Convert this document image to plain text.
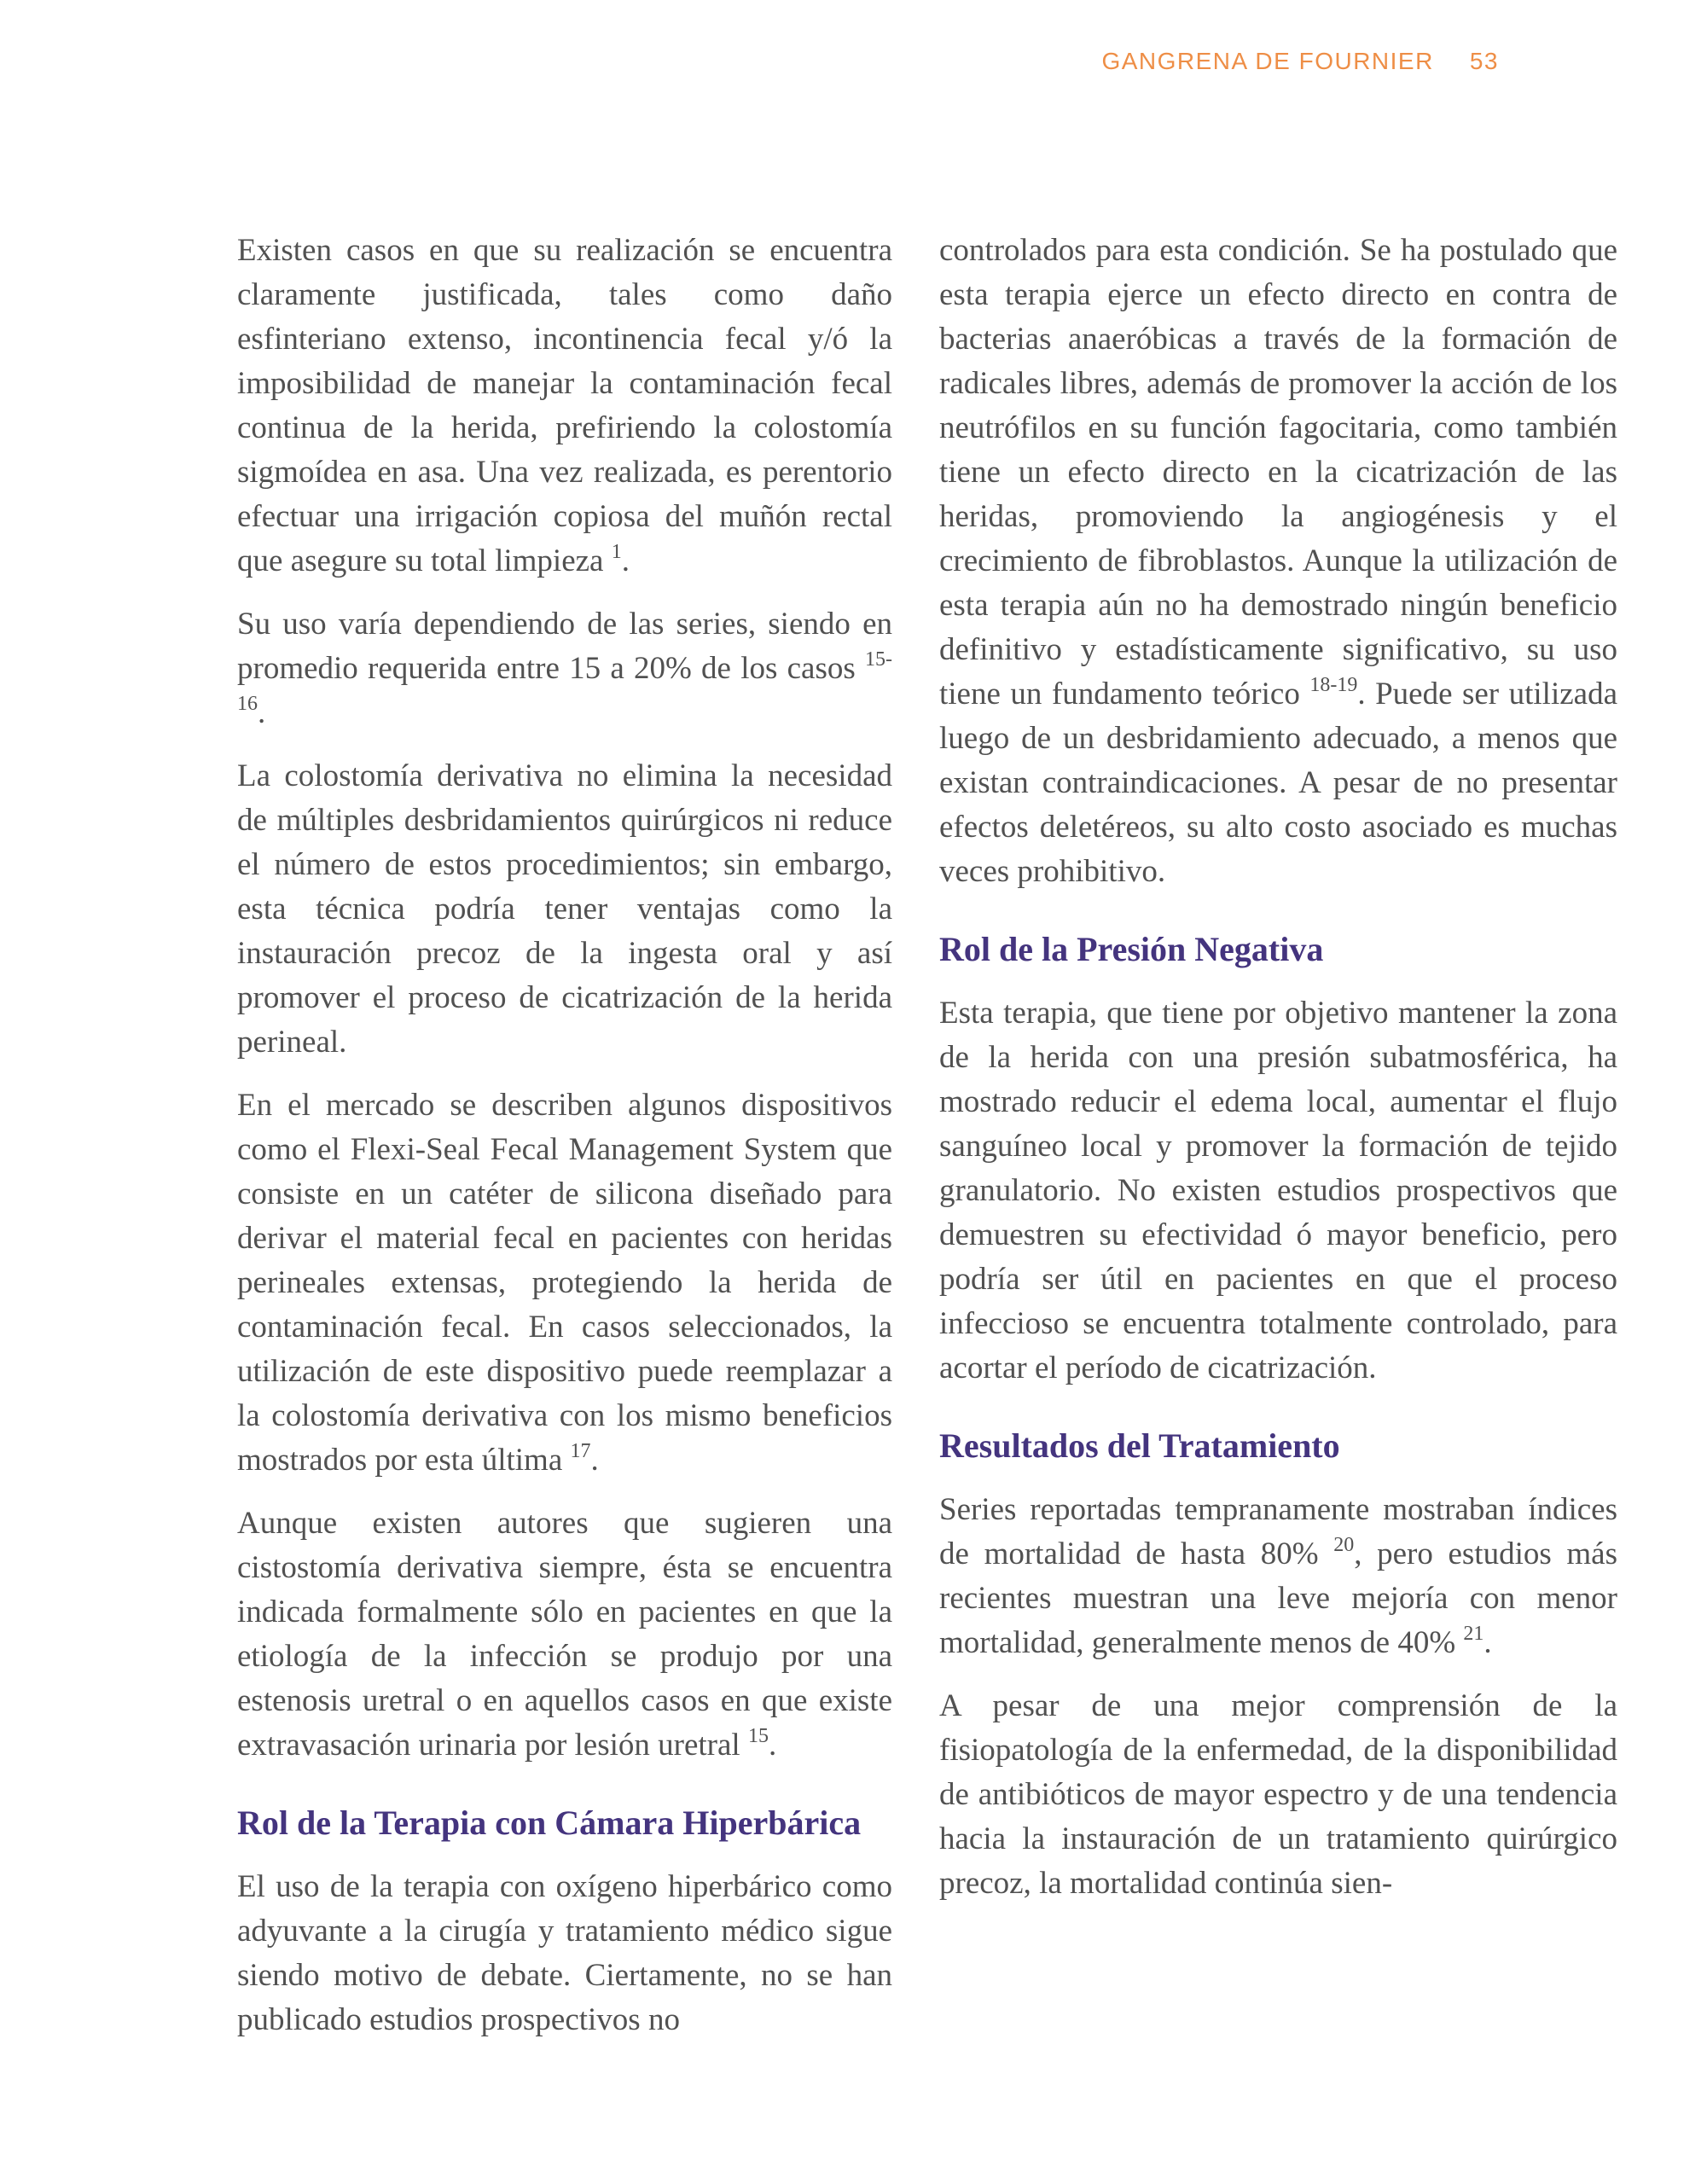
GANGRENA DE FOURNIER 53

Existen casos en que su realización se encuentra claramente justificada, tales como daño esfinteriano extenso, incontinencia fecal y/ó la imposibilidad de manejar la contaminación fecal continua de la herida, prefiriendo la colostomía sigmoídea en asa. Una vez realizada, es perentorio efectuar una irrigación copiosa del muñón rectal que asegure su total limpieza $^1$.

Su uso varía dependiendo de las series, siendo en promedio requerida entre 15 a 20% de los casos $^{15-16}$.

La colostomía derivativa no elimina la necesidad de múltiples desbridamientos quirúrgicos ni reduce el número de estos procedimientos; sin embargo, esta técnica podría tener ventajas como la instauración precoz de la ingesta oral y así promover el proceso de cicatrización de la herida perineal.

En el mercado se describen algunos dispositivos como el Flexi-Seal Fecal Management System que consiste en un catéter de silicona diseñado para derivar el material fecal en pacientes con heridas perineales extensas, protegiendo la herida de contaminación fecal. En casos seleccionados, la utilización de este dispositivo puede reemplazar a la colostomía derivativa con los mismo beneficios mostrados por esta última $^{17}$.

Aunque existen autores que sugieren una cistostomía derivativa siempre, ésta se encuentra indicada formalmente sólo en pacientes en que la etiología de la infección se produjo por una estenosis uretral o en aquellos casos en que existe extravasación urinaria por lesión uretral $^{15}$.

Rol de la Terapia con Cámara Hiperbárica

El uso de la terapia con oxígeno hiperbárico como adyuvante a la cirugía y tratamiento médico sigue siendo motivo de debate. Ciertamente, no se han publicado estudios prospectivos no

controlados para esta condición. Se ha postulado que esta terapia ejerce un efecto directo en contra de bacterias anaeróbicas a través de la formación de radicales libres, además de promover la acción de los neutrófilos en su función fagocitaria, como también tiene un efecto directo en la cicatrización de las heridas, promoviendo la angiogénesis y el crecimiento de fibroblastos. Aunque la utilización de esta terapia aún no ha demostrado ningún beneficio definitivo y estadísticamente significativo, su uso tiene un fundamento teórico $^{18-19}$. Puede ser utilizada luego de un desbridamiento adecuado, a menos que existan contraindicaciones. A pesar de no presentar efectos deletéreos, su alto costo asociado es muchas veces prohibitivo.

Rol de la Presión Negativa

Esta terapia, que tiene por objetivo mantener la zona de la herida con una presión subatmosférica, ha mostrado reducir el edema local, aumentar el flujo sanguíneo local y promover la formación de tejido granulatorio. No existen estudios prospectivos que demuestren su efectividad ó mayor beneficio, pero podría ser útil en pacientes en que el proceso infeccioso se encuentra totalmente controlado, para acortar el período de cicatrización.

Resultados del Tratamiento

Series reportadas tempranamente mostraban índices de mortalidad de hasta 80% $^{20}$, pero estudios más recientes muestran una leve mejoría con menor mortalidad, generalmente menos de 40% $^{21}$.

A pesar de una mejor comprensión de la fisiopatología de la enfermedad, de la disponibilidad de antibióticos de mayor espectro y de una tendencia hacia la instauración de un tratamiento quirúrgico precoz, la mortalidad continúa sien-
